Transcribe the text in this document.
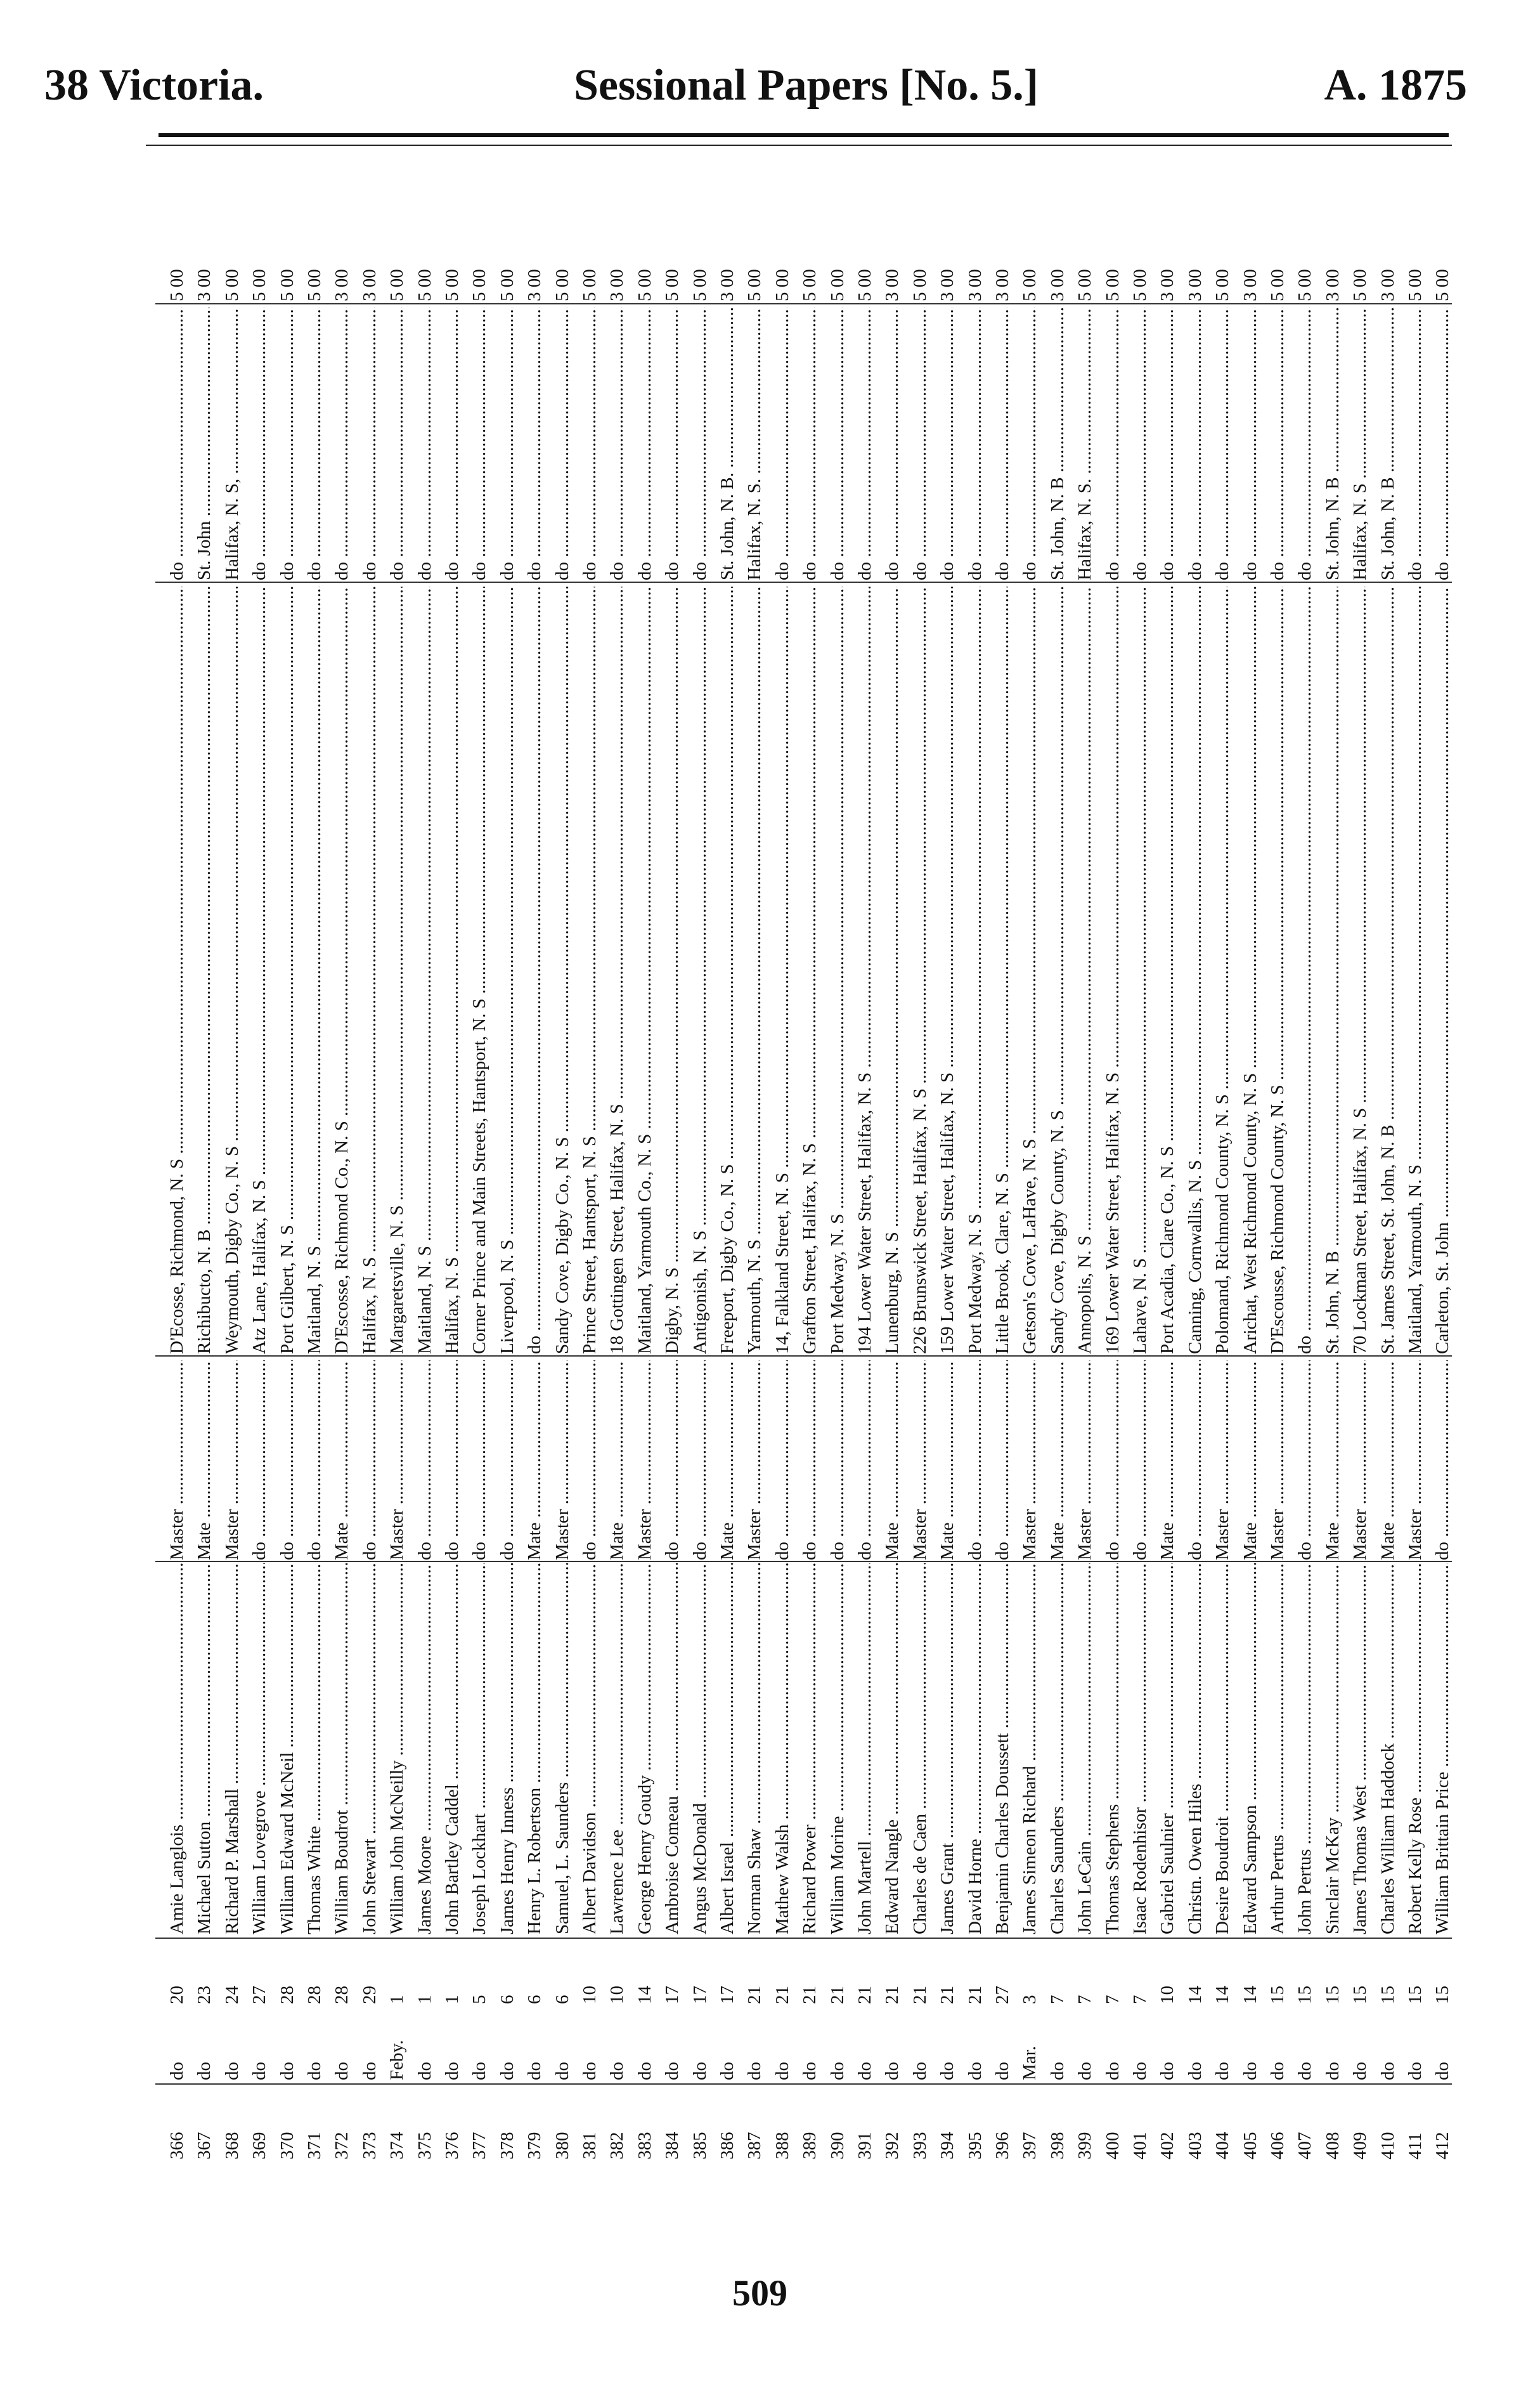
38 Victoria.	Sessional Papers [No. 5.]	A. 1875
366
do
20
Amie Langlois .....
Master .....
D'Ecosse, Richmond, N. S .....
do .....
5 00
367
do
23
Michael Sutton .....
Mate .....
Richibucto, N. B .....
St. John .....
3 00
368
do
24
Richard P. Marshall .....
Master .....
Weymouth, Digby Co., N. S .....
Halifax, N. S, .....
5 00
369
do
27
William Lovegrove .....
do .....
Atz Lane, Halifax, N. S .....
do .....
5 00
370
do
28
William Edward McNeil .....
do .....
Port Gilbert, N. S .....
do .....
5 00
371
do
28
Thomas White .....
do .....
Maitland, N. S .....
do .....
5 00
372
do
28
William Boudrot .....
Mate .....
D'Escosse, Richmond Co., N. S .....
do .....
3 00
373
do
29
John Stewart .....
do .....
Halifax, N. S .....
do .....
3 00
374
Feby.
1
William John McNeilly .....
Master .....
Margaretsville, N. S .....
do .....
5 00
375
do
1
James Moore .....
do .....
Maitland, N. S .....
do .....
5 00
376
do
1
John Bartley Caddel .....
do .....
Halifax, N. S .....
do .....
5 00
377
do
5
Joseph Lockhart .....
do .....
Corner Prince and Main Streets, Hantsport, N. S .....
do .....
5 00
378
do
6
James Henry Inness .....
do .....
Liverpool, N. S .....
do .....
5 00
379
do
6
Henry L. Robertson .....
Mate .....
do .....
do .....
3 00
380
do
6
Samuel, L. Saunders .....
Master .....
Sandy Cove, Digby Co., N. S .....
do .....
5 00
381
do
10
Albert Davidson .....
do .....
Prince Street, Hantsport, N. S .....
do .....
5 00
382
do
10
Lawrence Lee .....
Mate .....
18 Gottingen Street, Halifax, N. S .....
do .....
3 00
383
do
14
George Henry Goudy .....
Master .....
Maitland, Yarmouth Co., N. S .....
do .....
5 00
384
do
17
Ambroise Comeau .....
do .....
Digby, N. S .....
do .....
5 00
385
do
17
Angus McDonald .....
do .....
Antigonish, N. S .....
do .....
5 00
386
do
17
Albert Israel .....
Mate .....
Freeport, Digby Co., N. S .....
St. John, N. B. .....
3 00
387
do
21
Norman Shaw .....
Master .....
Yarmouth, N. S .....
Halifax, N. S. .....
5 00
388
do
21
Mathew Walsh .....
do .....
14, Falkland Street, N. S .....
do .....
5 00
389
do
21
Richard Power .....
do .....
Grafton Street, Halifax, N. S .....
do .....
5 00
390
do
21
William Morine .....
do .....
Port Medway, N. S .....
do .....
5 00
391
do
21
John Martell .....
do .....
194 Lower Water Street, Halifax, N. S .....
do .....
5 00
392
do
21
Edward Nangle .....
Mate .....
Lunenburg, N. S .....
do .....
3 00
393
do
21
Charles de Caen .....
Master .....
226 Brunswick Street, Halifax, N. S .....
do .....
5 00
394
do
21
James Grant .....
Mate .....
159 Lower Water Street, Halifax, N. S .....
do .....
3 00
395
do
21
David Horne .....
do .....
Port Medway, N. S .....
do .....
3 00
396
do
27
Benjamin Charles Doussett .....
do .....
Little Brook, Clare, N. S .....
do .....
3 00
397
Mar.
3
James Simeon Richard .....
Master .....
Getson's Cove, LaHave, N. S .....
do .....
5 00
398
do
7
Charles Saunders .....
Mate .....
Sandy Cove, Digby County, N. S .....
St. John, N. B .....
3 00
399
do
7
John LeCain .....
Master .....
Annopolis, N. S .....
Halifax, N. S. .....
5 00
400
do
7
Thomas Stephens .....
do .....
169 Lower Water Street, Halifax, N. S .....
do .....
5 00
401
do
7
Isaac Rodenhisor .....
do .....
Lahave, N. S .....
do .....
5 00
402
do
10
Gabriel Saulnier .....
Mate .....
Port Acadia, Clare Co., N. S .....
do .....
3 00
403
do
14
Christn. Owen Hiles .....
do .....
Canning, Cornwallis, N. S .....
do .....
3 00
404
do
14
Desire Boudroit .....
Master .....
Polomand, Richmond County, N. S .....
do .....
5 00
405
do
14
Edward Sampson .....
Mate .....
Arichat, West Richmond County, N. S .....
do .....
3 00
406
do
15
Arthur Pertus .....
Master .....
D'Escousse, Richmond County, N. S .....
do .....
5 00
407
do
15
John Pertus .....
do .....
do .....
do .....
5 00
408
do
15
Sinclair McKay .....
Mate .....
St. John, N. B .....
St. John, N. B .....
3 00
409
do
15
James Thomas West .....
Master .....
70 Lockman Street, Halifax, N. S .....
Halifax, N. S .....
5 00
410
do
15
Charles William Haddock .....
Mate .....
St. James Street, St. John, N. B .....
St. John, N. B .....
3 00
411
do
15
Robert Kelly Rose .....
Master .....
Maitland, Yarmouth, N. S .....
do .....
5 00
412
do
15
William Brittain Price .....
do .....
Carleton, St. John .....
do .....
5 00
509
